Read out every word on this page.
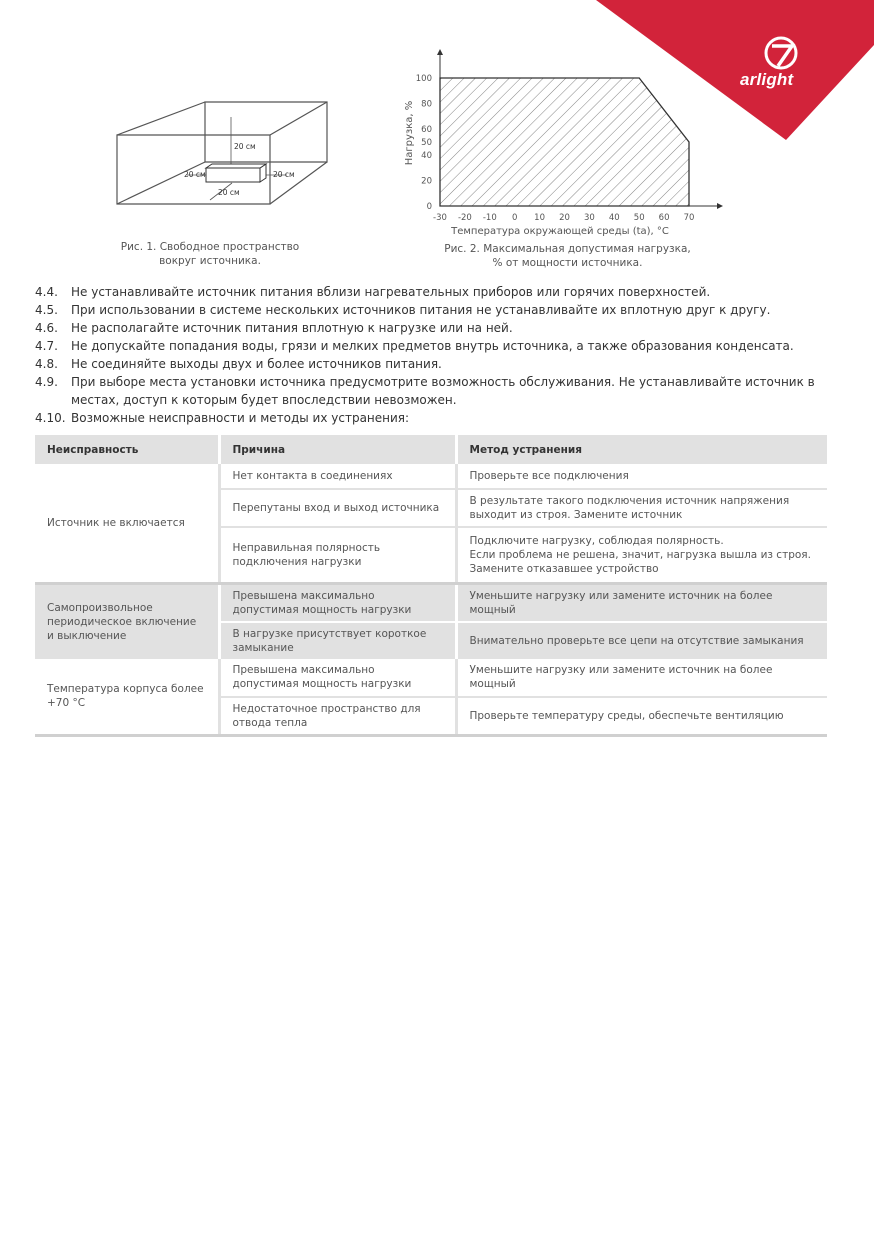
arlight
20 см
20 см	20 см
20 см
Рис. 1. Свободное пространство
вокруг источника.
-30 -20 -10 0 10 20 30 40 50 60 70
0
20
40
50
60
80
100
Температура окружающей среды (ta), °С
Нагрузка, %
Рис. 2. Максимальная допустимая нагрузка,
% от мощности источника.
4.4.	Не устанавливайте источник питания вблизи нагревательных приборов или горячих поверхностей.
4.5.	При использовании в системе нескольких источников питания не устанавливайте их вплотную друг к другу.
4.6.	Не располагайте источник питания вплотную к нагрузке или на ней.
4.7.	Не допускайте попадания воды, грязи и мелких предметов внутрь источника, а также образования конденсата.
4.8.	Не соединяйте выходы двух и более источников питания.
4.9.	При выборе места установки источника предусмотрите возможность обслуживания. Не устанавливайте источник в местах, доступ к которым будет впоследствии невозможен.
4.10. Возможные неисправности и методы их устранения:
Неисправность	Причина	Метод устранения
Источник не включается	Нет контакта в соединениях	Проверьте все подключения
	Перепутаны вход и выход источника	В результате такого подключения источник напряжения выходит из строя. Замените источник
	Неправильная полярность подключения нагрузки	Подключите нагрузку, соблюдая полярность.
Если проблема не решена, значит, нагрузка вышла из строя.
Замените отказавшее устройство
Самопроизвольное периодическое включение и выключение	Превышена максимально допустимая мощность нагрузки	Уменьшите нагрузку или замените источник на более мощный
	В нагрузке присутствует короткое замыкание	Внимательно проверьте все цепи на отсутствие замыкания
Температура корпуса более +70 °С	Превышена максимально допустимая мощность нагрузки	Уменьшите нагрузку или замените источник на более мощный
	Недостаточное пространство для отвода тепла	Проверьте температуру среды, обеспечьте вентиляцию
